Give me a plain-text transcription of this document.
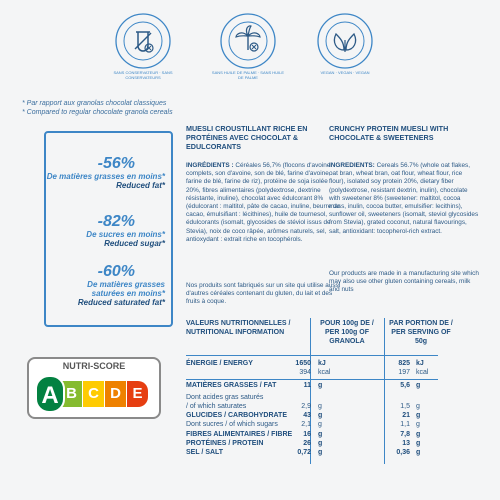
SANS CONSERVATEUR · SANS CONSERVATEURS
SANS HUILE DE PALME · SANS HUILE DE PALME
VEGAN · VEGAN · VEGAN
* Par rapport aux granolas chocolat classiques
* Compared to regular chocolate granola cereals
-56%
De matières grasses en moins*
Reduced fat*
-82%
De sucres en moins*
Reduced sugar*
-60%
De matières grasses saturées en moins*
Reduced saturated fat*
NUTRI-SCORE
A B C D E
MUESLI CROUSTILLANT RICHE EN PROTÉINES AVEC CHOCOLAT & EDULCORANTS
INGRÉDIENTS : Céréales 56,7% (flocons d'avoine complets, son d'avoine, son de blé, farine d'avoine, farine de blé, farine de riz), protéine de soja isolée 20%, fibres alimentaires (polydextrose, dextrine résistante, inuline), chocolat avec édulcorant 8% (édulcorant : maltitol, pâte de cacao, inuline, beurre de cacao, émulsifiant : lécithines), huile de tournesol, édulcorants (isomalt, glycosides de stéviol issus de Stevia), noix de coco râpée, arômes naturels, sel, antioxydant : extrait riche en tocophérols.
Nos produits sont fabriqués sur un site qui utilise aussi d'autres céréales contenant du gluten, du lait et des fruits à coque.
CRUNCHY PROTEIN MUESLI WITH CHOCOLATE & SWEETENERS
INGREDIENTS: Cereals 56.7% (whole oat flakes, oat bran, wheat bran, oat flour, wheat flour, rice flour), isolated soy protein 20%, dietary fiber (polydextrose, resistant dextrin, inulin), chocolate with sweetener 8% (sweetener: maltitol, cocoa mass, inulin, cocoa butter, emulsifier: lecithins), sunflower oil, sweeteners (isomalt, steviol glycosides from Stevia), grated coconut, natural flavourings, salt, antioxidant: tocopherol-rich extract.
Our products are made in a manufacturing site which may also use other gluten containing cereals, milk and nuts
VALEURS NUTRITIONNELLES / NUTRITIONAL INFORMATION
POUR 100g DE / PER 100g OF GRANOLA
PAR PORTION DE / PER SERVING OF 50g
ÉNERGIE / ENERGY	1650 kJ	825 kJ
394 kcal	197 kcal
MATIÈRES GRASSES / FAT	11 g	5,6 g
Dont acides gras saturés
/ of which saturates	2,9 g	1,5 g
GLUCIDES / CARBOHYDRATE 43 g	21 g
Dont sucres / of which sugars	2,1 g	1,1 g
FIBRES ALIMENTAIRES / FIBRE 16 g	7,8 g
PROTÉINES / PROTEIN	26 g	13 g
SEL / SALT	0,72 g	0,36 g
